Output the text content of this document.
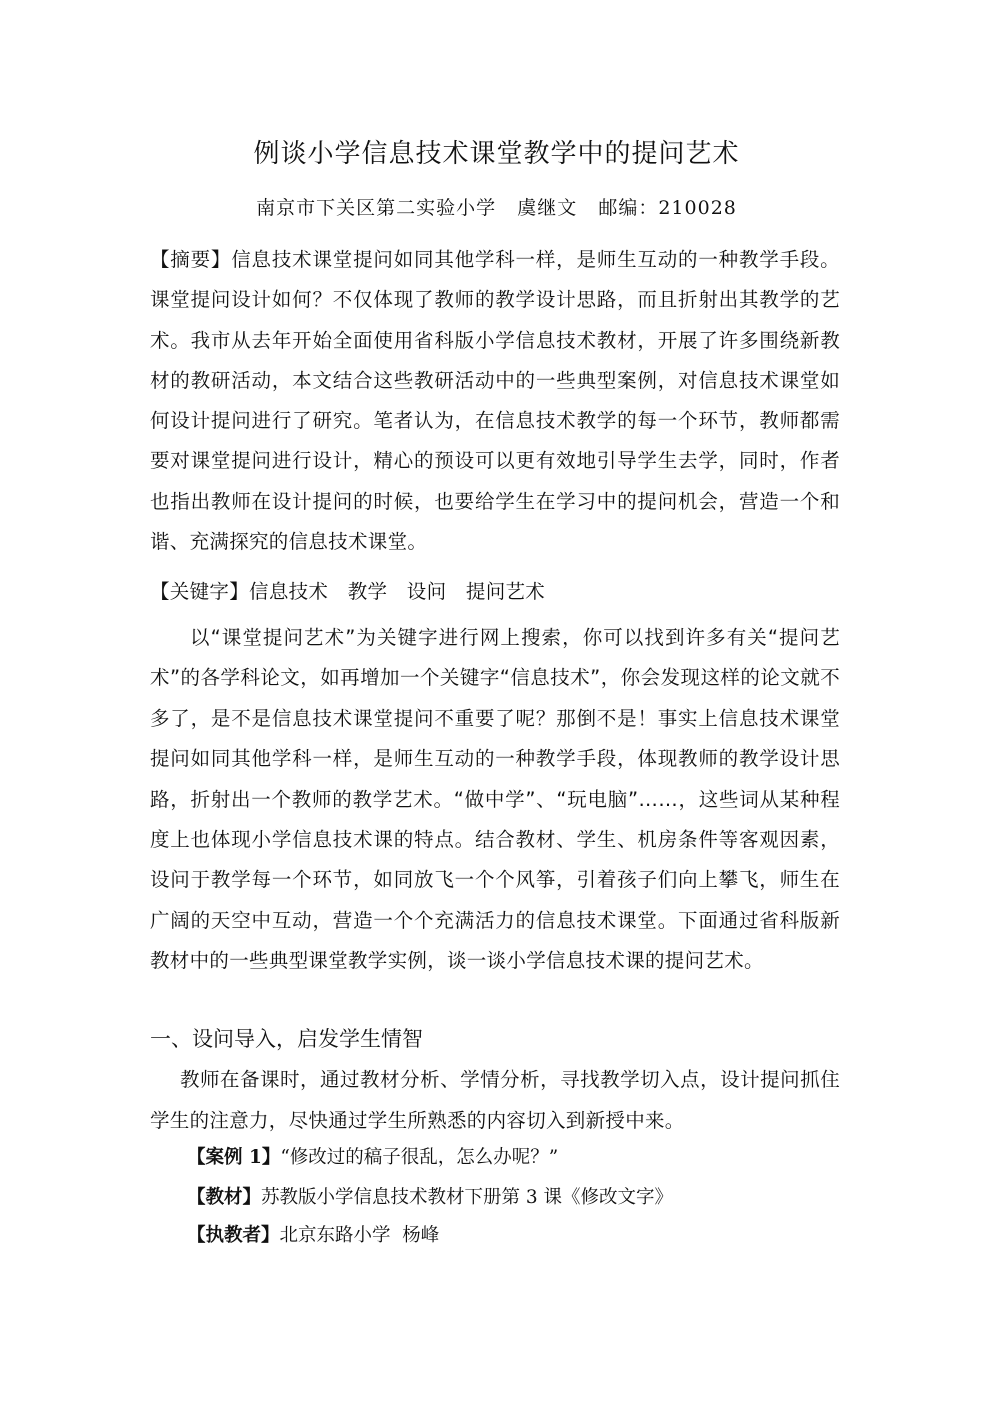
例谈小学信息技术课堂教学中的提问艺术
南京市下关区第二实验小学   虞继文   邮编：210028
【摘要】信息技术课堂提问如同其他学科一样，是师生互动的一种教学手段。课堂提问设计如何？不仅体现了教师的教学设计思路，而且折射出其教学的艺术。我市从去年开始全面使用省科版小学信息技术教材，开展了许多围绕新教材的教研活动，本文结合这些教研活动中的一些典型案例，对信息技术课堂如何设计提问进行了研究。笔者认为，在信息技术教学的每一个环节，教师都需要对课堂提问进行设计，精心的预设可以更有效地引导学生去学，同时，作者也指出教师在设计提问的时候，也要给学生在学习中的提问机会，营造一个和谐、充满探究的信息技术课堂。
【关键字】信息技术   教学   设问   提问艺术
以“课堂提问艺术”为关键字进行网上搜索，你可以找到许多有关“提问艺术”的各学科论文，如再增加一个关键字“信息技术”，你会发现这样的论文就不多了，是不是信息技术课堂提问不重要了呢？那倒不是！事实上信息技术课堂提问如同其他学科一样，是师生互动的一种教学手段，体现教师的教学设计思路，折射出一个教师的教学艺术。“做中学”、“玩电脑”……，这些词从某种程度上也体现小学信息技术课的特点。结合教材、学生、机房条件等客观因素，设问于教学每一个环节，如同放飞一个个风筝，引着孩子们向上攀飞，师生在广阔的天空中互动，营造一个个充满活力的信息技术课堂。下面通过省科版新教材中的一些典型课堂教学实例，谈一谈小学信息技术课的提问艺术。
一、设问导入，启发学生情智
教师在备课时，通过教材分析、学情分析，寻找教学切入点，设计提问抓住学生的注意力，尽快通过学生所熟悉的内容切入到新授中来。
【案例 1】“修改过的稿子很乱，怎么办呢？”
【教材】苏教版小学信息技术教材下册第 3 课《修改文字》
【执教者】北京东路小学  杨峰
